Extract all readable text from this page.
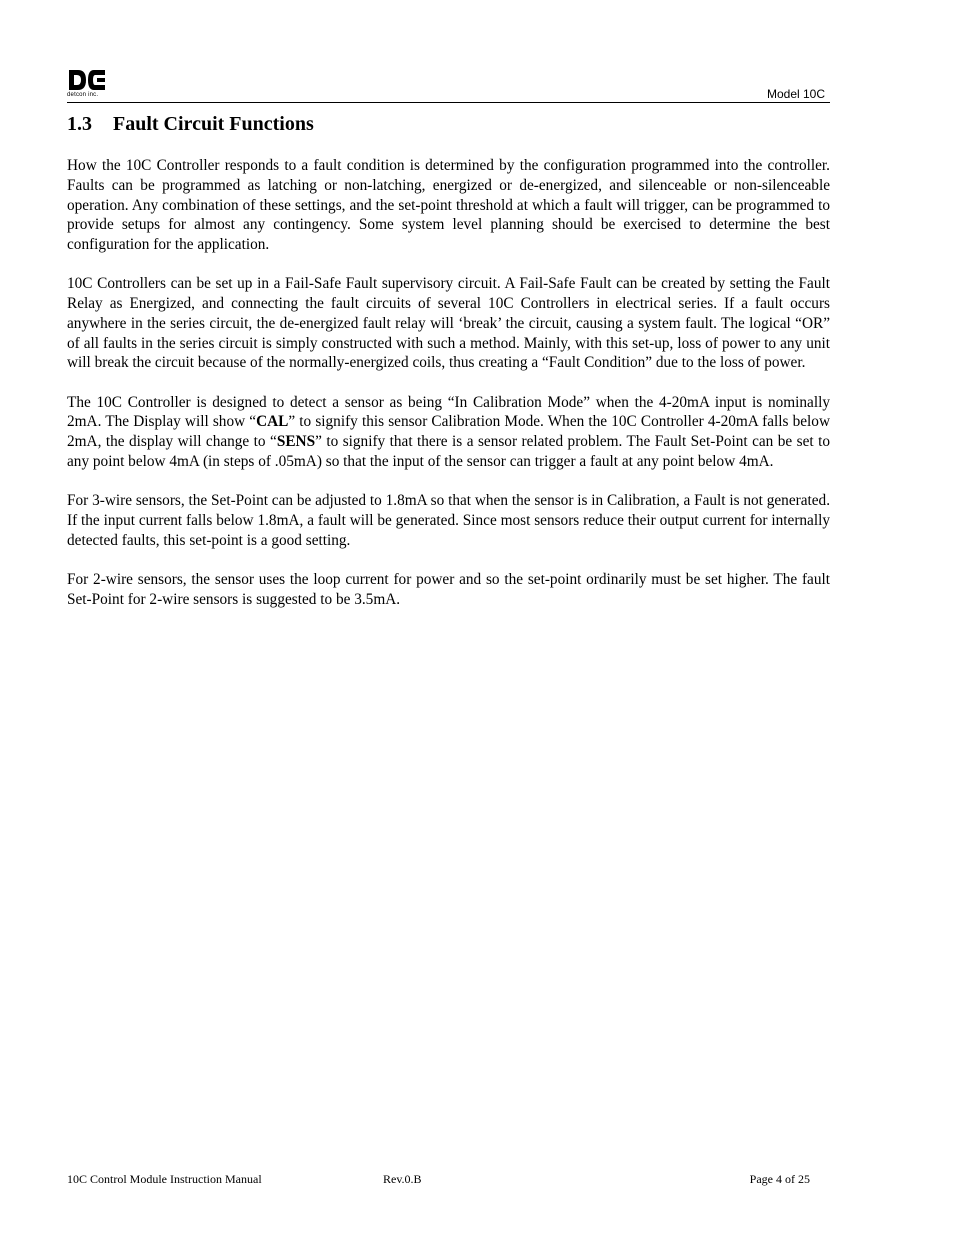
detcon inc.	Model 10C
1.3 Fault Circuit Functions

How the 10C Controller responds to a fault condition is determined by the configuration programmed into the controller. Faults can be programmed as latching or non-latching, energized or de-energized, and silenceable or non-silenceable operation. Any combination of these settings, and the set-point threshold at which a fault will trigger, can be programmed to provide setups for almost any contingency. Some system level planning should be exercised to determine the best configuration for the application.

10C Controllers can be set up in a Fail-Safe Fault supervisory circuit. A Fail-Safe Fault can be created by setting the Fault Relay as Energized, and connecting the fault circuits of several 10C Controllers in electrical series. If a fault occurs anywhere in the series circuit, the de-energized fault relay will ‘break’ the circuit, causing a system fault. The logical “OR” of all faults in the series circuit is simply constructed with such a method. Mainly, with this set-up, loss of power to any unit will break the circuit because of the normally-energized coils, thus creating a “Fault Condition” due to the loss of power.

The 10C Controller is designed to detect a sensor as being “In Calibration Mode” when the 4-20mA input is nominally 2mA. The Display will show “CAL” to signify this sensor Calibration Mode. When the 10C Controller 4-20mA falls below 2mA, the display will change to “SENS” to signify that there is a sensor related problem. The Fault Set-Point can be set to any point below 4mA (in steps of .05mA) so that the input of the sensor can trigger a fault at any point below 4mA.

For 3-wire sensors, the Set-Point can be adjusted to 1.8mA so that when the sensor is in Calibration, a Fault is not generated. If the input current falls below 1.8mA, a fault will be generated. Since most sensors reduce their output current for internally detected faults, this set-point is a good setting.

For 2-wire sensors, the sensor uses the loop current for power and so the set-point ordinarily must be set higher. The fault Set-Point for 2-wire sensors is suggested to be 3.5mA.

10C Control Module Instruction Manual	Rev.0.B	Page 4 of 25
